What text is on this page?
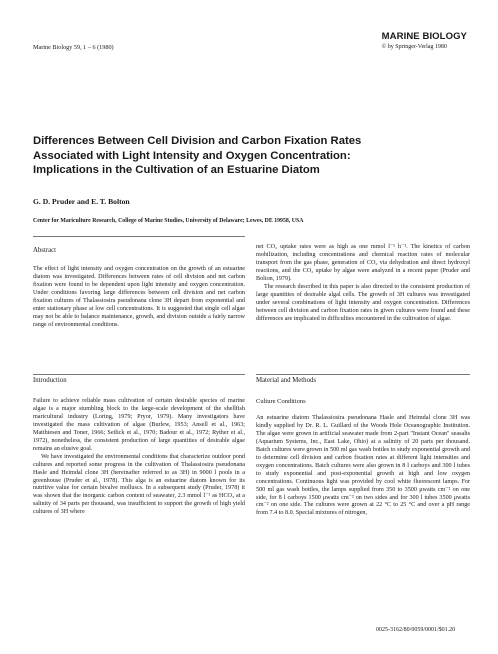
Marine Biology 59, 1 – 6 (1980)
MARINE BIOLOGY
© by Springer-Verlag 1980
Differences Between Cell Division and Carbon Fixation Rates
Associated with Light Intensity and Oxygen Concentration:
Implications in the Cultivation of an Estuarine Diatom
G. D. Pruder and E. T. Bolton
Center for Mariculture Research, College of Marine Studies, University of Delaware; Lewes, DE 19958, USA
Abstract

The effect of light intensity and oxygen concentration on the growth of an estuarine diatom was investigated. Differences between rates of cell division and net carbon fixation were found to be dependent upon light intensity and oxygen concentration. Under conditions favoring large differences between cell division and net carbon fixation cultures of Thalassiosira pseudonana clone 3H depart from exponential and enter stationary phase at low cell concentrations. It is suggested that single cell algae may not be able to balance maintenance, growth, and division outside a fairly narrow range of environmental conditions.

Introduction

Failure to achieve reliable mass cultivation of certain desirable species of marine algae is a major stumbling block to the large-scale development of the shellfish maricultural industry (Loring, 1979; Pryor, 1979). Many investigators have investigated the mass cultivation of algae (Burlew, 1953; Ansell et al., 1963; Matthiesen and Toner, 1966; Setlick et al., 1970; Badour et al., 1972; Ryther et al., 1972), nonetheless, the consistent production of large quantities of desirable algae remains an elusive goal.

We have investigated the environmental conditions that characterize outdoor pond cultures and reported some progress in the cultivation of Thalassiosira pseudonana Hasle and Heimdal clone 3H (hereinafter referred to as 3H) in 9000 l pools in a greenhouse (Pruder et al., 1978). This alga is an estuarine diatom known for its nutritive value for certain bivalve molluscs. In a subsequent study (Pruder, 1978) it was shown that the inorganic carbon content of seawater, 2.3 mmol l⁻¹ as HCO₃ at a salinity of 34 parts per thousand, was insufficient to support the growth of high yield cultures of 3H where

net CO₂ uptake rates were as high as one mmol l⁻¹ h⁻¹. The kinetics of carbon mobilization, including concentrations and chemical reaction rates of molecular transport from the gas phase, generation of CO₂ via dehydration and direct hydroxyl reactions, and the CO₂ uptake by algae were analyzed in a recent paper (Pruder and Bolton, 1979).

The research described in this paper is also directed to the consistent production of large quantities of desirable algal cells. The growth of 3H cultures was investigated under several combinations of light intensity and oxygen concentration. Differences between cell division and carbon fixation rates in given cultures were found and these differences are implicated in difficulties encountered in the cultivation of algae.

Material and Methods
Culture Conditions

An estuarine diatom Thalassiosira pseudonana Hasle and Heimdal clone 3H was kindly supplied by Dr. R. L. Guillard of the Woods Hole Oceanographic Institution. The algae were grown in artificial seawater made from 2-part "Instant Ocean" seasalts (Aquarium Systems, Inc., East Lake, Ohio) at a salinity of 20 parts per thousand. Batch cultures were grown in 500 ml gas wash bottles to study exponential growth and to determine cell division and carbon fixation rates at different light intensities and oxygen concentrations. Batch cultures were also grown in 8 l carboys and 300 l tubes to study exponential and post-exponential growth at high and low oxygen concentrations. Continuous light was provided by cool white fluorescent lamps. For 500 ml gas wash bottles, the lamps supplied from 350 to 3500 μwatts cm⁻² on one side, for 8 l carboys 1500 μwatts cm⁻² on two sides and for 300 l tubes 3500 μwatts cm⁻² on one side. The cultures were grown at 22 °C to 25 °C and over a pH range from 7.4 to 8.0. Special mixtures of nitrogen,

0025-3162/80/0059/0001/$01.20
